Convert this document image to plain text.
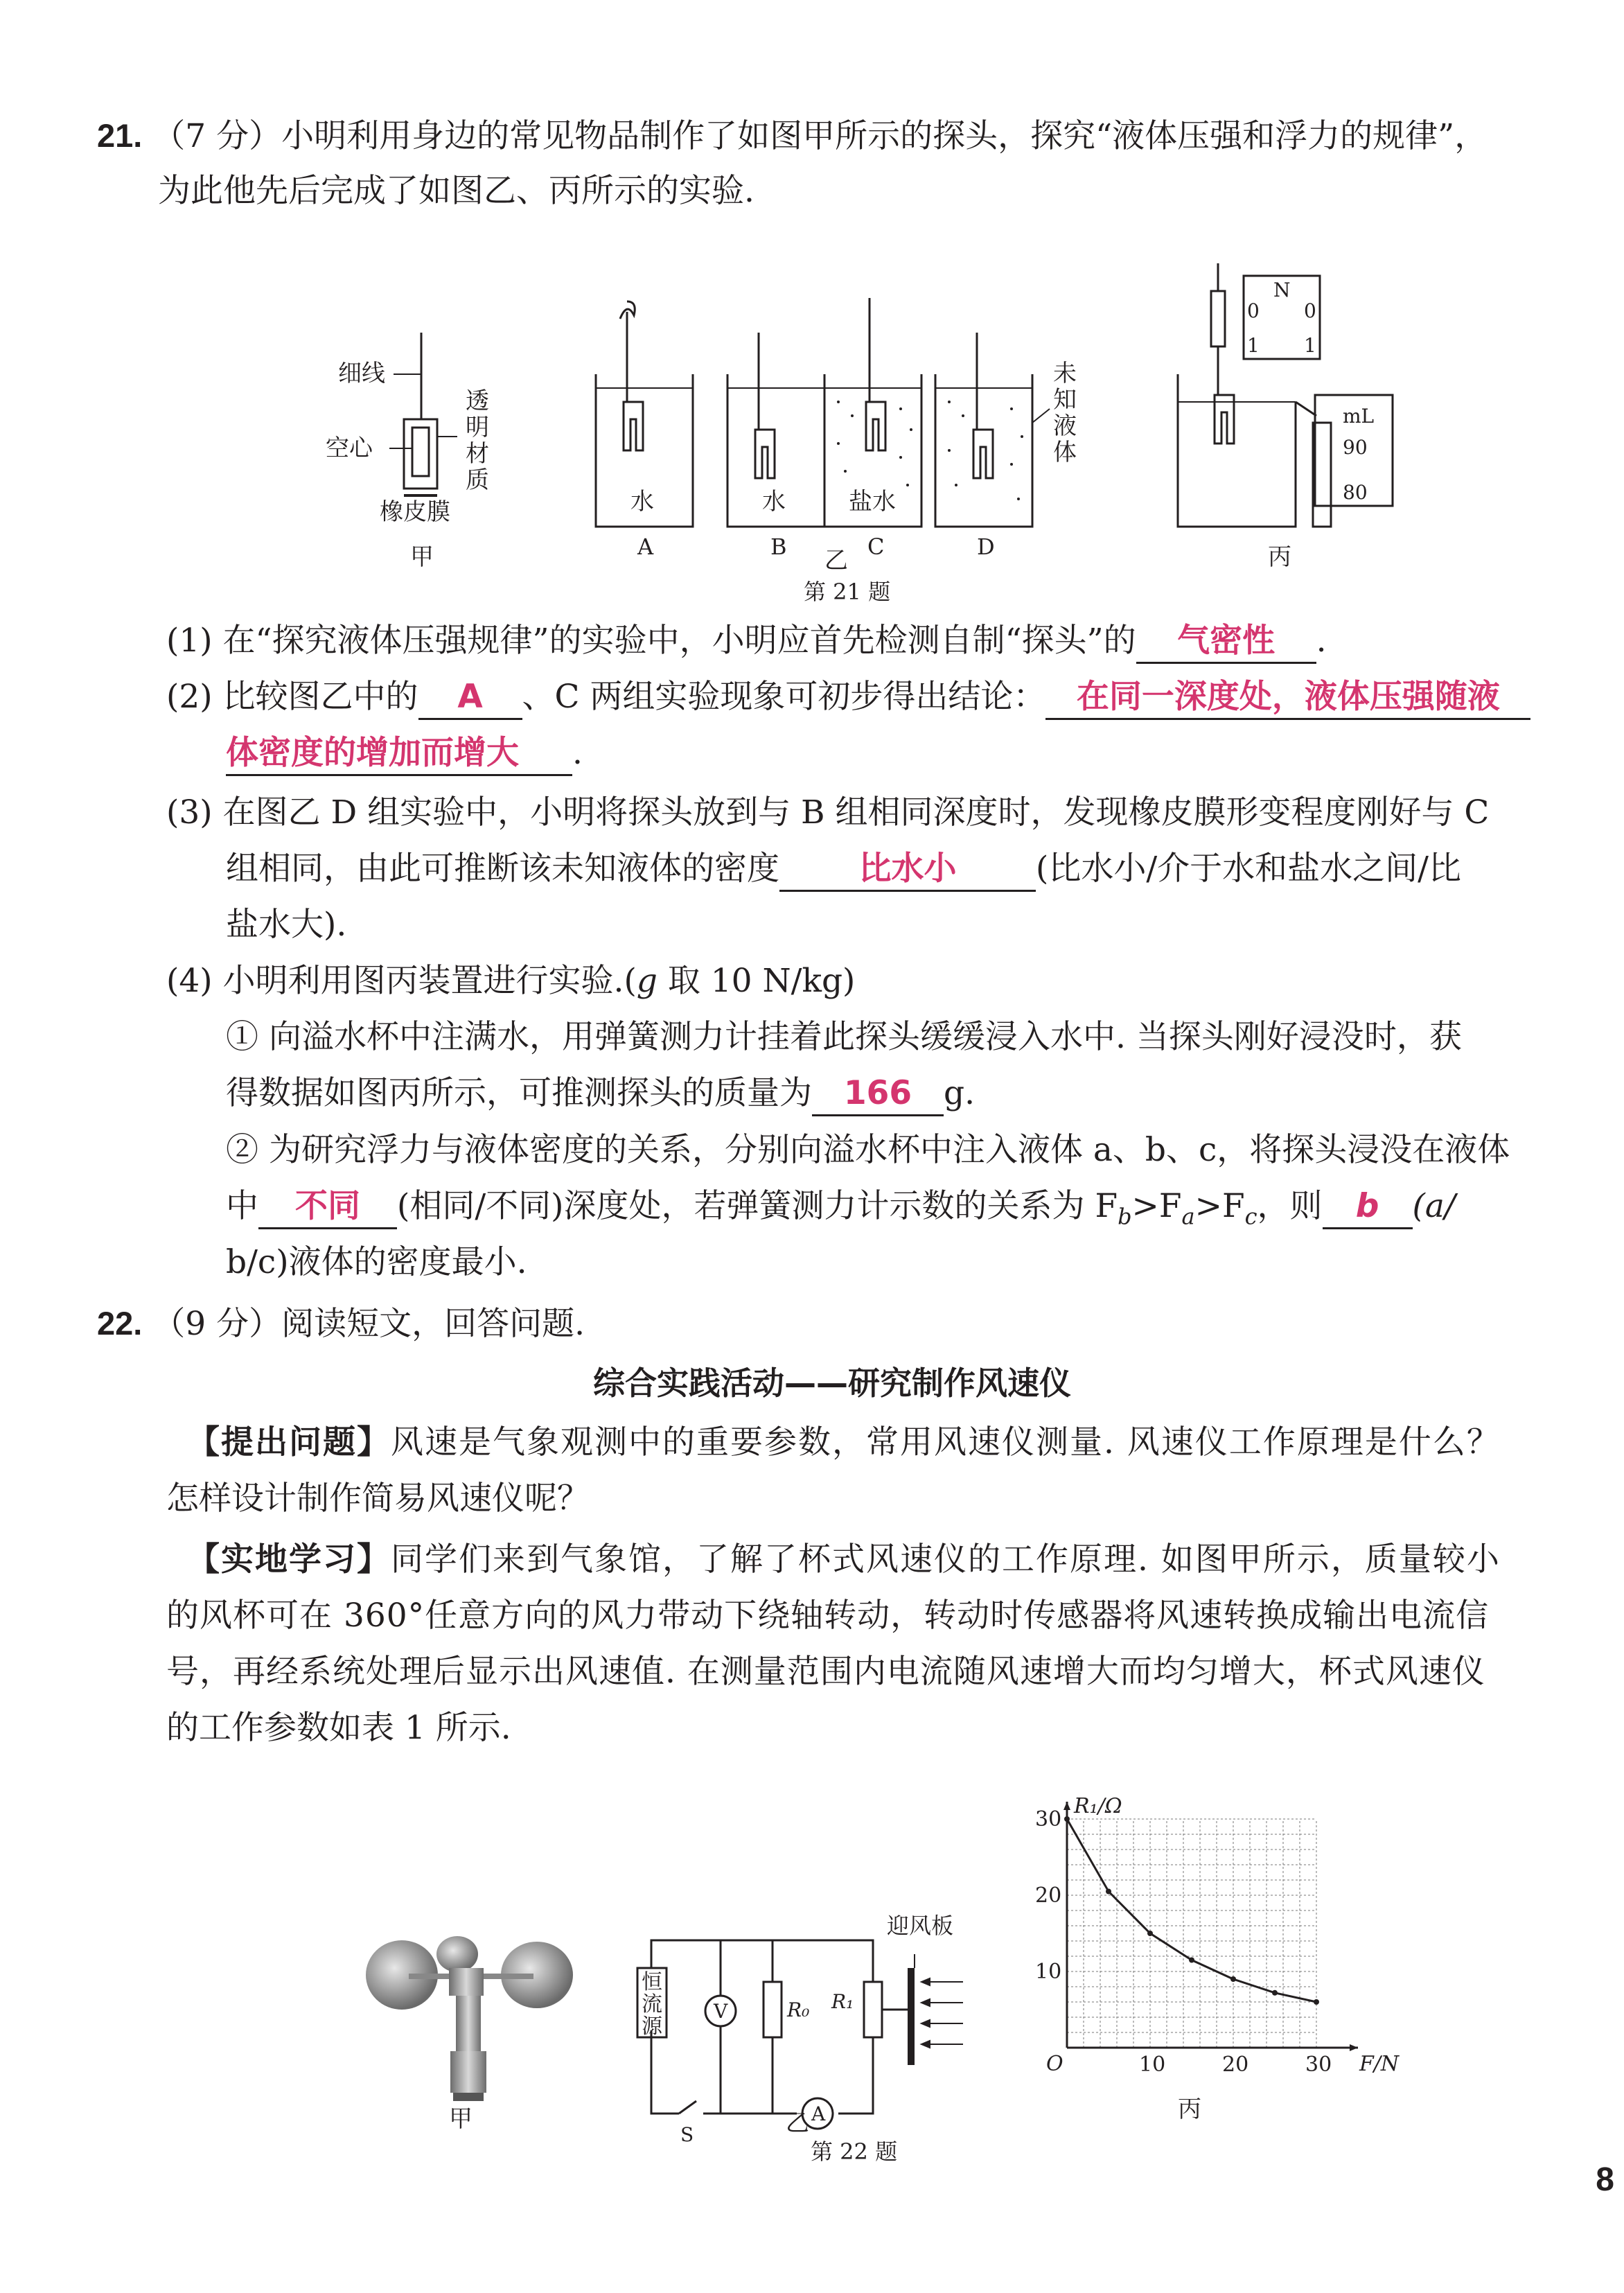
21. （7 分）小明利用身边的常见物品制作了如图甲所示的探头，探究“液体压强和浮力的规律”，
为此他先后完成了如图乙、丙所示的实验.
细线
空心
透
明
材
质
橡皮膜
甲
水	水	盐水
A	B	C	D
未
知
液
体
乙
第 21 题
N
0 0
1 1
mL
90
80
丙
(1) 在“探究液体压强规律”的实验中，小明应首先检测自制“探头”的 气密性 .
(2) 比较图乙中的 A 、C 两组实验现象可初步得出结论： 在同一深度处，液体压强随液
体密度的增加而增大 .
(3) 在图乙 D 组实验中，小明将探头放到与 B 组相同深度时，发现橡皮膜形变程度刚好与 C
组相同，由此可推断该未知液体的密度 比水小 (比水小/介于水和盐水之间/比
盐水大).
(4) 小明利用图丙装置进行实验.(g 取 10 N/kg)
① 向溢水杯中注满水，用弹簧测力计挂着此探头缓缓浸入水中. 当探头刚好浸没时，获
得数据如图丙所示，可推测探头的质量为 166 g.
② 为研究浮力与液体密度的关系，分别向溢水杯中注入液体 a、b、c，将探头浸没在液体
中 不同 (相同/不同)深度处，若弹簧测力计示数的关系为 $F_b>F_a>F_c$，则 b (a/
b/c)液体的密度最小.
22. （9 分）阅读短文，回答问题.
综合实践活动——研究制作风速仪
【提出问题】风速是气象观测中的重要参数，常用风速仪测量. 风速仪工作原理是什么？
怎样设计制作简易风速仪呢？
【实地学习】同学们来到气象馆，了解了杯式风速仪的工作原理. 如图甲所示，质量较小
的风杯可在 360°任意方向的风力带动下绕轴转动，转动时传感器将风速转换成输出电流信
号，再经系统处理后显示出风速值. 在测量范围内电流随风速增大而均匀增大，杯式风速仪
的工作参数如表 1 所示.
甲
恒
流
源
V	R₀ R₁
A
S
迎风板
乙
第 22 题
10	20	30
10
20
30
R₁/Ω
F/N
O
丙
8
